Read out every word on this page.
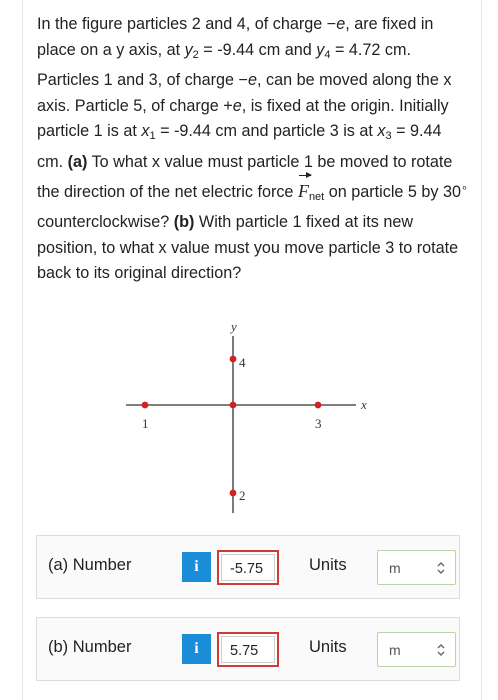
In the figure particles 2 and 4, of charge −e, are fixed in place on a y axis, at $y_2 = -9.44$ cm and $y_4 = 4.72$ cm. Particles 1 and 3, of charge −e, can be moved along the x axis. Particle 5, of charge +e, is fixed at the origin. Initially particle 1 is at $x_1 = -9.44$ cm and particle 3 is at $x_3 = 9.44$ cm. (a) To what x value must particle 1 be moved to rotate the direction of the net electric force $F_{net}$ on particle 5 by 30∘ counterclockwise? (b) With particle 1 fixed at its new position, to what x value must you move particle 3 to rotate back to its original direction?
y
x
4
1	3
2
(a) Number	i	-5.75	Units	m
(b) Number	i	5.75	Units	m
